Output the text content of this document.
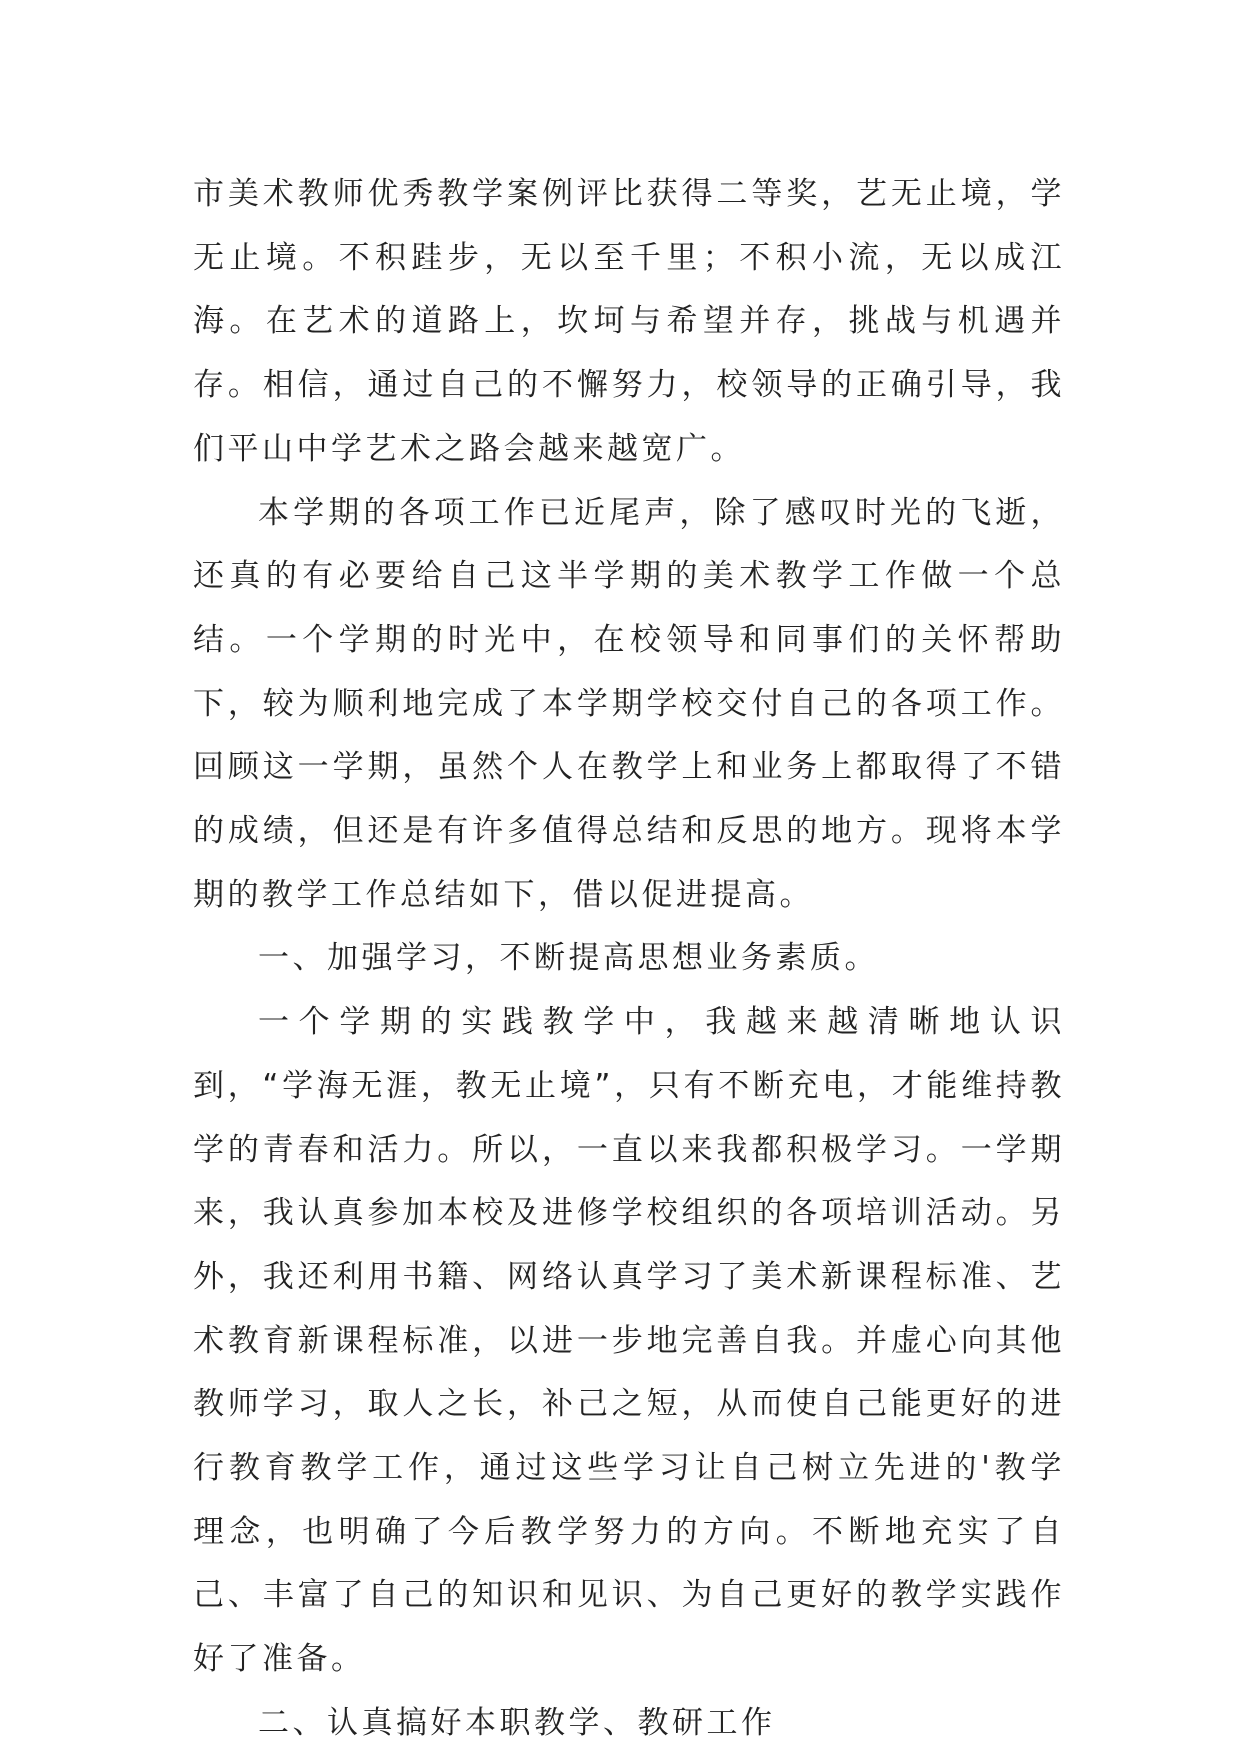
市美术教师优秀教学案例评比获得二等奖，艺无止境，学无止境。不积跬步，无以至千里；不积小流，无以成江海。在艺术的道路上，坎坷与希望并存，挑战与机遇并存。相信，通过自己的不懈努力，校领导的正确引导，我们平山中学艺术之路会越来越宽广。

本学期的各项工作已近尾声，除了感叹时光的飞逝，还真的有必要给自己这半学期的美术教学工作做一个总结。一个学期的时光中，在校领导和同事们的关怀帮助下，较为顺利地完成了本学期学校交付自己的各项工作。回顾这一学期，虽然个人在教学上和业务上都取得了不错的成绩，但还是有许多值得总结和反思的地方。现将本学期的教学工作总结如下，借以促进提高。

一、加强学习，不断提高思想业务素质。

一个学期的实践教学中，我越来越清晰地认识到，“学海无涯，教无止境”，只有不断充电，才能维持教学的青春和活力。所以，一直以来我都积极学习。一学期来，我认真参加本校及进修学校组织的各项培训活动。另外，我还利用书籍、网络认真学习了美术新课程标准、艺术教育新课程标准，以进一步地完善自我。并虚心向其他教师学习，取人之长，补己之短，从而使自己能更好的进行教育教学工作，通过这些学习让自己树立先进的'教学理念，也明确了今后教学努力的方向。不断地充实了自己、丰富了自己的知识和见识、为自己更好的教学实践作好了准备。

二、认真搞好本职教学、教研工作
